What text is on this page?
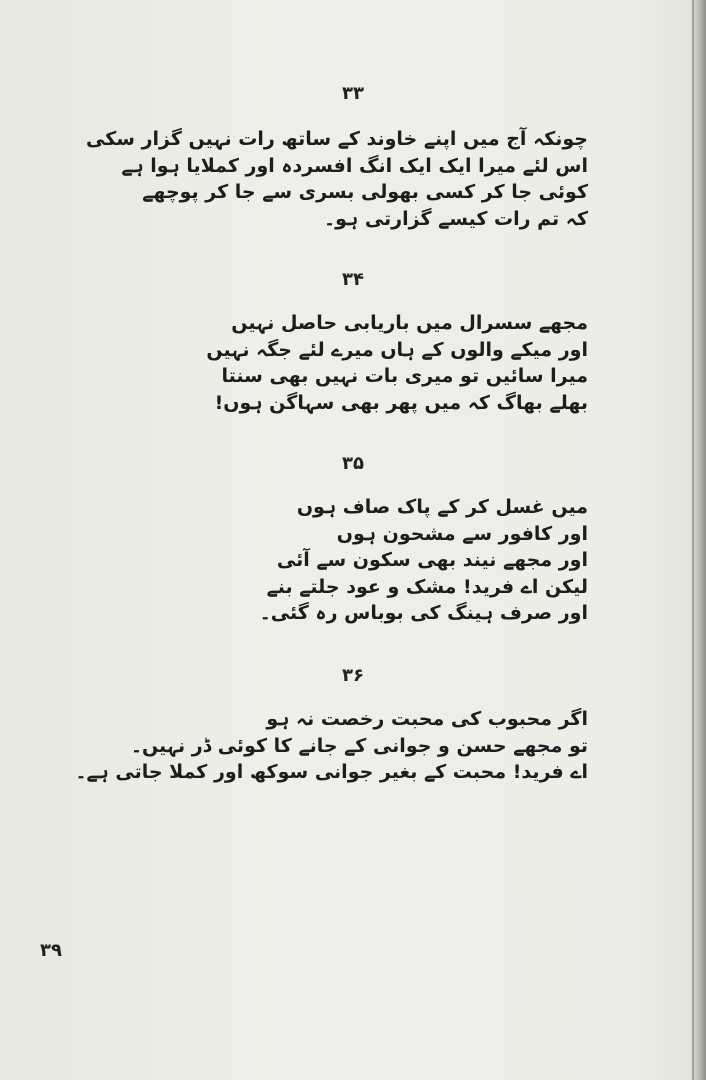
۳۳
چونکہ آج میں اپنے خاوند کے ساتھ رات نہیں گزار سکی
اس لئے میرا ایک ایک انگ افسردہ اور کملایا ہوا ہے
کوئی جا کر کسی بھولی بسری سے جا کر پوچھے
کہ تم رات کیسے گزارتی ہو۔
۳۴
مجھے سسرال میں باریابی حاصل نہیں
اور میکے والوں کے ہاں میرے لئے جگہ نہیں
میرا سائیں تو میری بات نہیں بھی سنتا
بھلے بھاگ کہ میں پھر بھی سہاگن ہوں!
۳۵
میں غسل کر کے پاک صاف ہوں
اور کافور سے مشحون ہوں
اور مجھے نیند بھی سکون سے آئی
لیکن اے فرید! مشک و عود جلتے بنے
اور صرف ہینگ کی بوباس رہ گئی۔
۳۶
اگر محبوب کی محبت رخصت نہ ہو
تو مجھے حسن و جوانی کے جانے کا کوئی ڈر نہیں۔
اے فرید! محبت کے بغیر جوانی سوکھ اور کملا جاتی ہے۔
۳۹
